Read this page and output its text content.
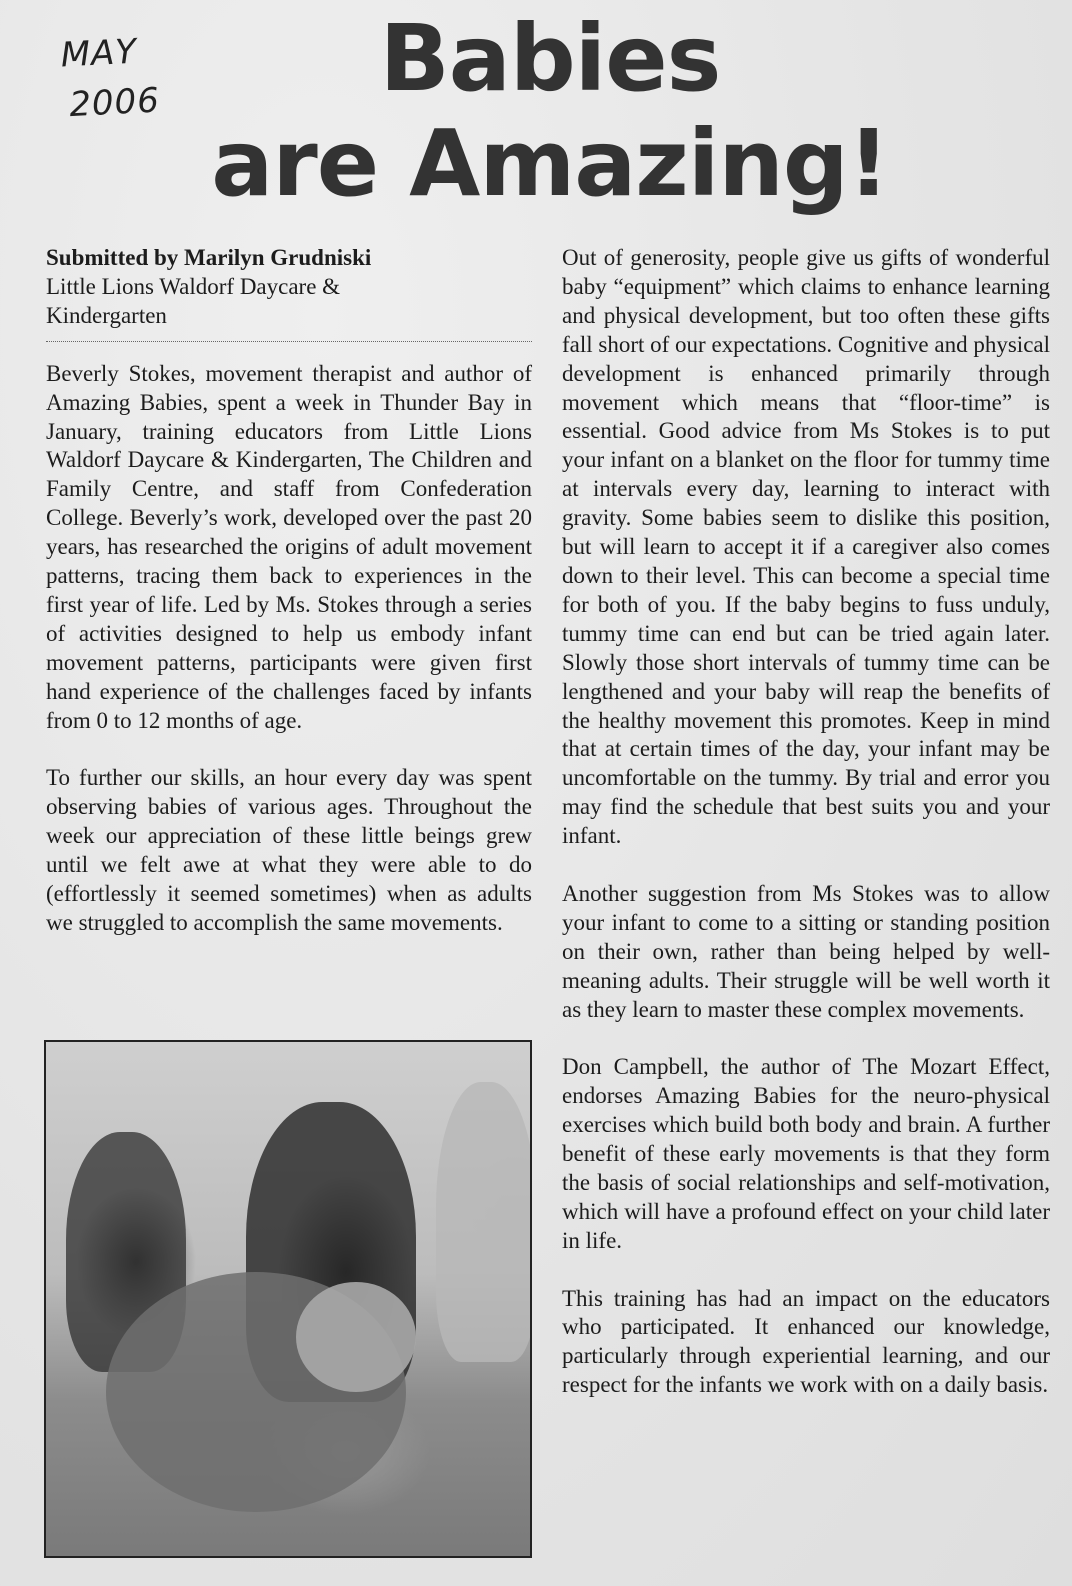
MAY
2006	Babies
are Amazing!
Submitted by Marilyn Grudniski
Little Lions Waldorf Daycare &
Kindergarten

Beverly Stokes, movement therapist and author of Amazing Babies, spent a week in Thunder Bay in January, training educators from Little Lions Waldorf Daycare & Kindergarten, The Children and Family Centre, and staff from Confederation College. Beverly’s work, developed over the past 20 years, has researched the origins of adult movement patterns, tracing them back to experiences in the first year of life. Led by Ms. Stokes through a series of activities designed to help us embody infant movement patterns, participants were given first hand experience of the challenges faced by infants from 0 to 12 months of age.

To further our skills, an hour every day was spent observing babies of various ages. Throughout the week our appreciation of these little beings grew until we felt awe at what they were able to do (effortlessly it seemed sometimes) when as adults we struggled to accomplish the same movements.

Out of generosity, people give us gifts of wonderful baby “equipment” which claims to enhance learning and physical development, but too often these gifts fall short of our expectations. Cognitive and physical development is enhanced primarily through movement which means that “floor-time” is essential. Good advice from Ms Stokes is to put your infant on a blanket on the floor for tummy time at intervals every day, learning to interact with gravity. Some babies seem to dislike this position, but will learn to accept it if a caregiver also comes down to their level. This can become a special time for both of you. If the baby begins to fuss unduly, tummy time can end but can be tried again later. Slowly those short intervals of tummy time can be lengthened and your baby will reap the benefits of the healthy movement this promotes. Keep in mind that at certain times of the day, your infant may be uncomfortable on the tummy. By trial and error you may find the schedule that best suits you and your infant.

Another suggestion from Ms Stokes was to allow your infant to come to a sitting or standing position on their own, rather than being helped by well-meaning adults. Their struggle will be well worth it as they learn to master these complex movements.

Don Campbell, the author of The Mozart Effect, endorses Amazing Babies for the neuro-physical exercises which build both body and brain. A further benefit of these early movements is that they form the basis of social relationships and self-motivation, which will have a profound effect on your child later in life.

This training has had an impact on the educators who participated. It enhanced our knowledge, particularly through experiential learning, and our respect for the infants we work with on a daily basis.
